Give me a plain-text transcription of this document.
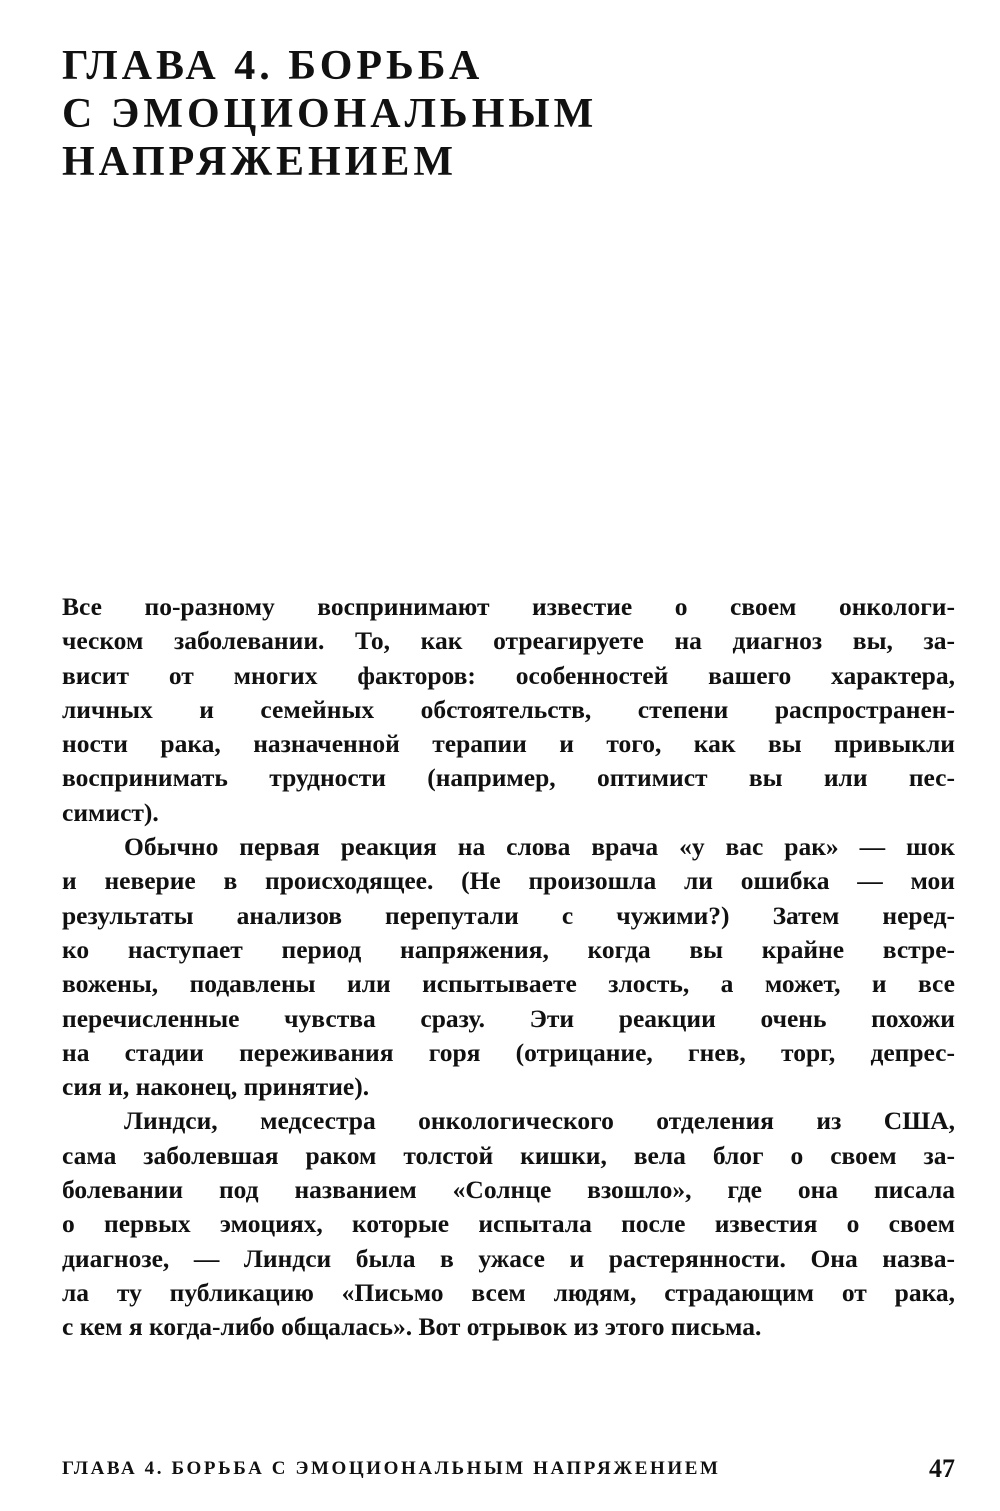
ГЛАВА 4. БОРЬБА
С ЭМОЦИОНАЛЬНЫМ
НАПРЯЖЕНИЕМ
Все по-разному воспринимают известие о своем онкологи-
ческом заболевании. То, как отреагируете на диагноз вы, за-
висит от многих факторов: особенностей вашего характера,
личных и семейных обстоятельств, степени распространен-
ности рака, назначенной терапии и того, как вы привыкли
воспринимать трудности (например, оптимист вы или пес-
симист).
Обычно первая реакция на слова врача «у вас рак» — шок
и неверие в происходящее. (Не произошла ли ошибка — мои
результаты анализов перепутали с чужими?) Затем неред-
ко наступает период напряжения, когда вы крайне встре-
вожены, подавлены или испытываете злость, а может, и все
перечисленные чувства сразу. Эти реакции очень похожи
на стадии переживания горя (отрицание, гнев, торг, депрес-
сия и, наконец, принятие).
Линдси, медсестра онкологического отделения из США,
сама заболевшая раком толстой кишки, вела блог о своем за-
болевании под названием «Солнце взошло», где она писала
о первых эмоциях, которые испытала после известия о своем
диагнозе, — Линдси была в ужасе и растерянности. Она назва-
ла ту публикацию «Письмо всем людям, страдающим от рака,
с кем я когда-либо общалась». Вот отрывок из этого письма.
ГЛАВА 4. БОРЬБА С ЭМОЦИОНАЛЬНЫМ НАПРЯЖЕНИЕМ	47
